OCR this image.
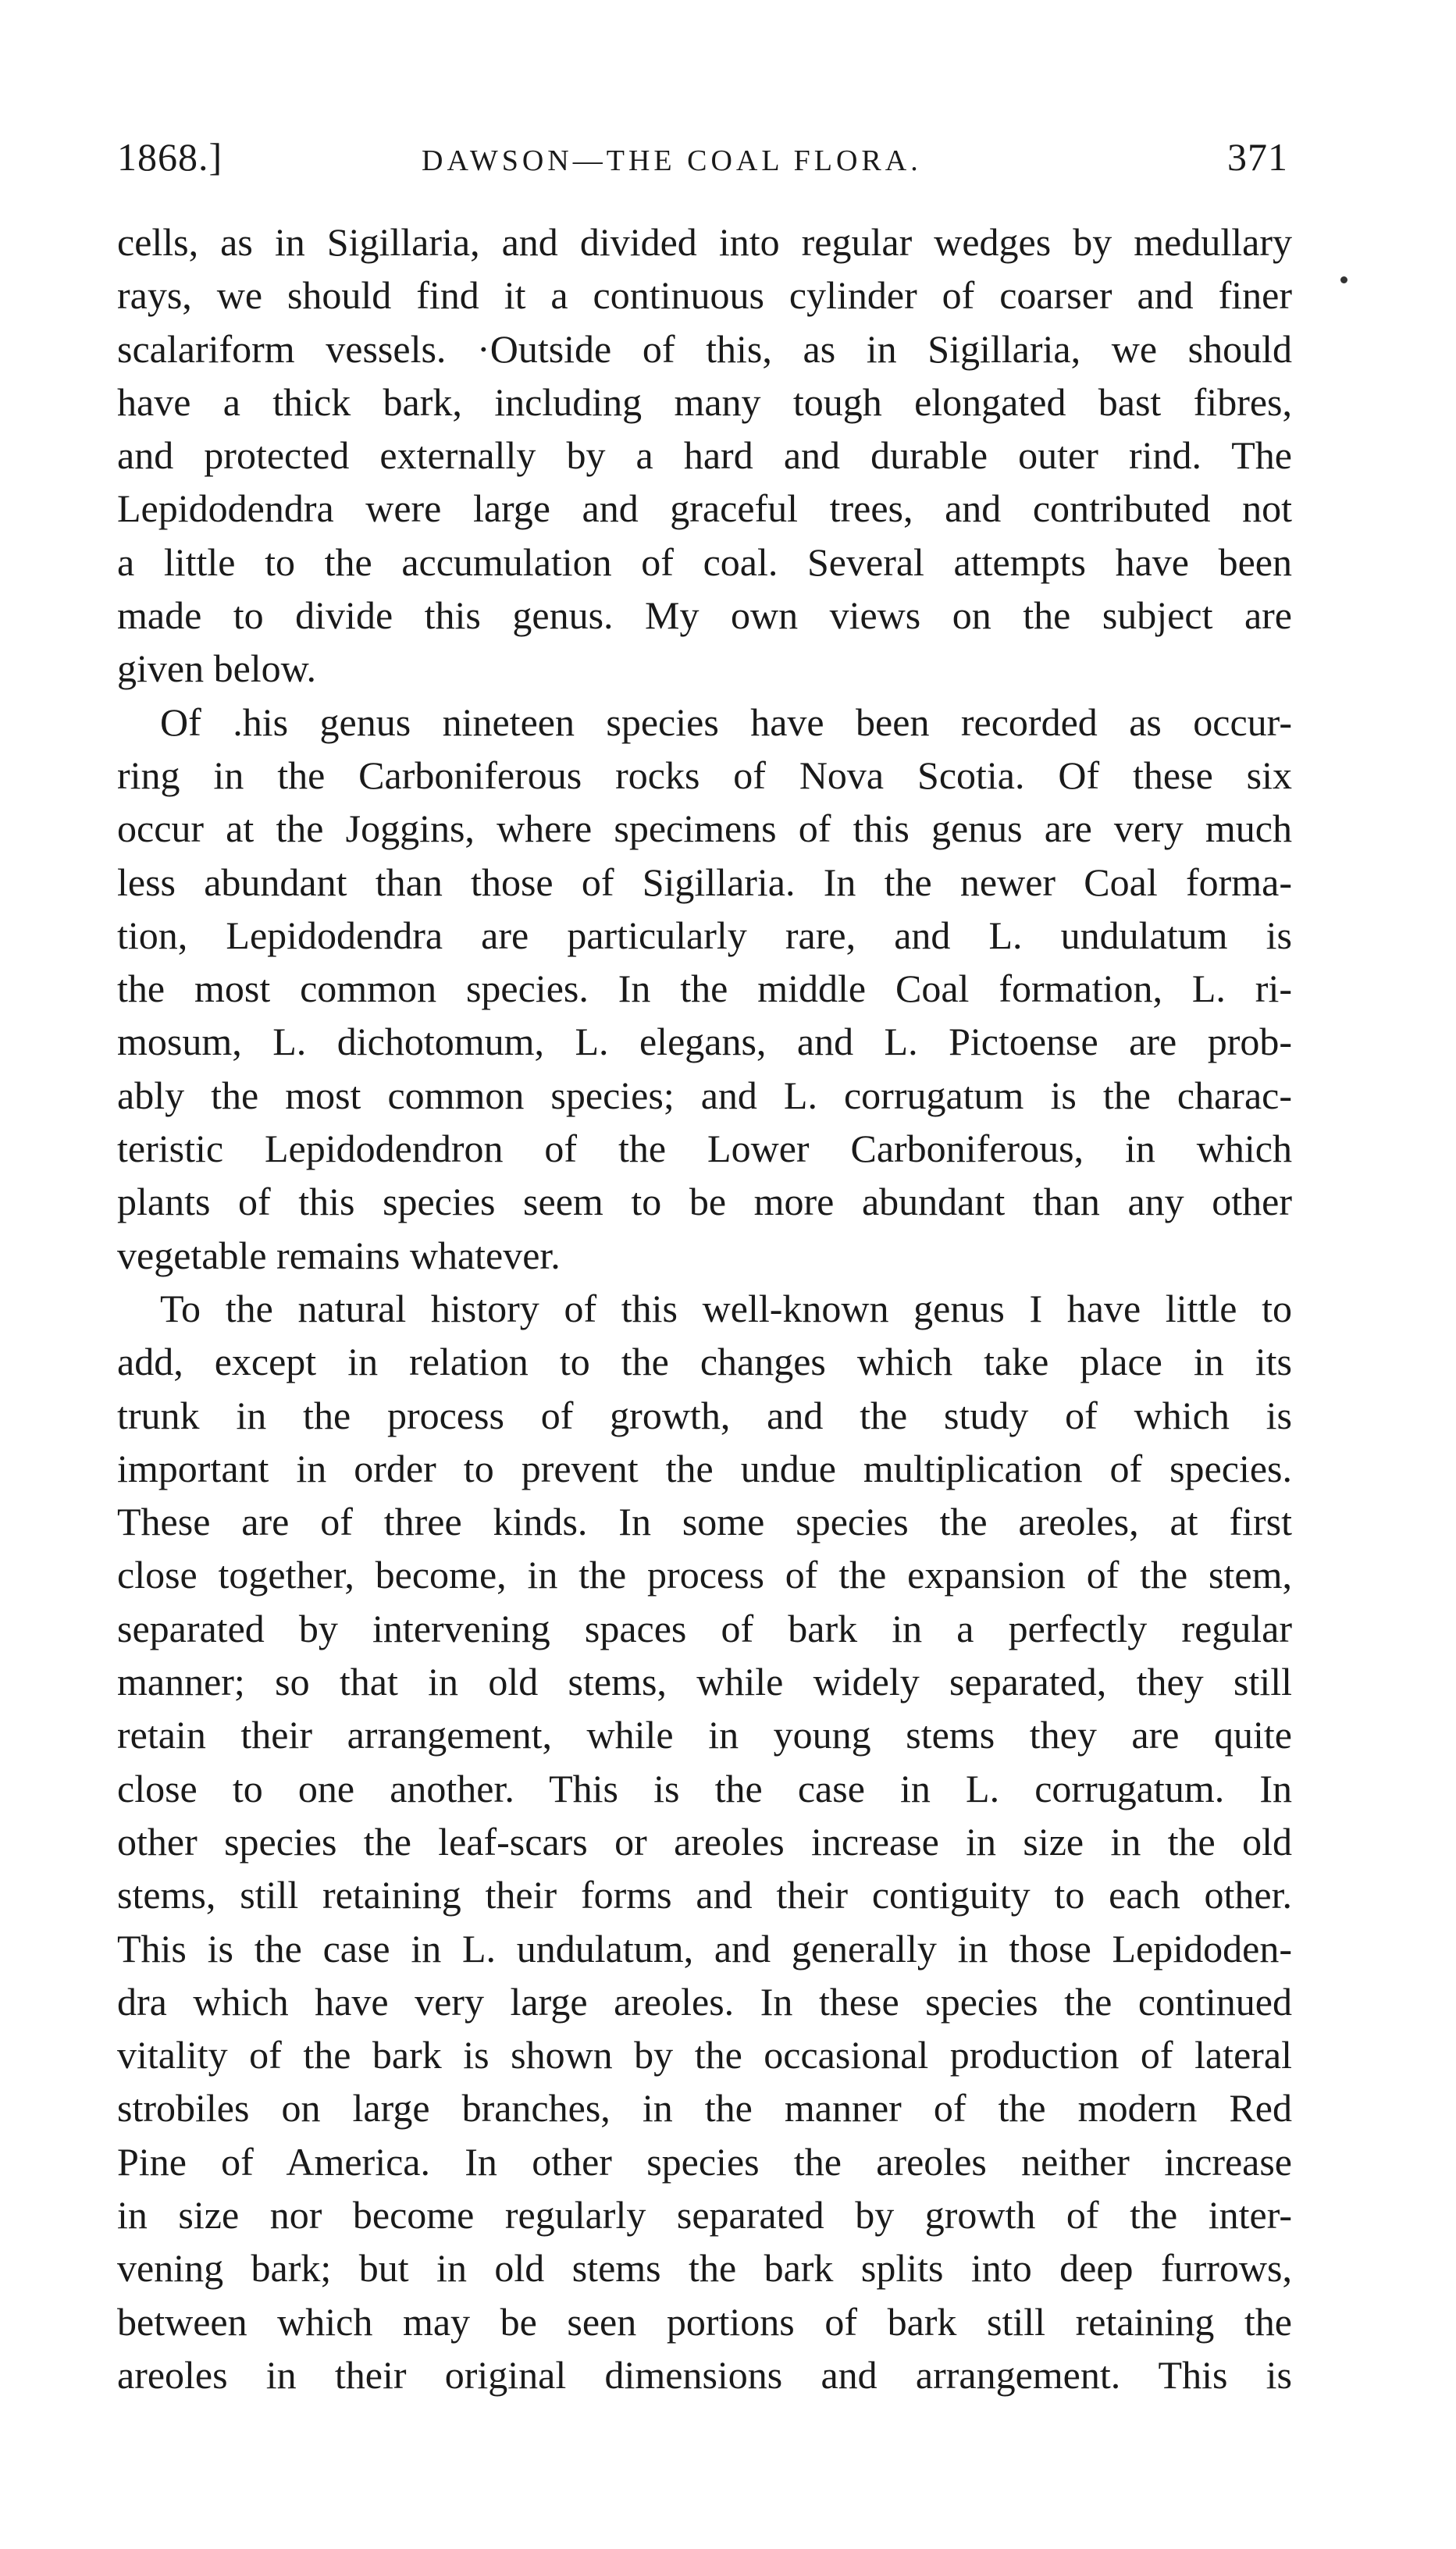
1868.]	DAWSON—THE COAL FLORA.	371
cells, as in Sigillaria, and divided into regular wedges by medullary
rays, we should find it a continuous cylinder of coarser and finer
scalariform vessels. ·Outside of this, as in Sigillaria, we should
have a thick bark, including many tough elongated bast fibres,
and protected externally by a hard and durable outer rind. The
Lepidodendra were large and graceful trees, and contributed not
a little to the accumulation of coal. Several attempts have been
made to divide this genus. My own views on the subject are
given below.
Of .his genus nineteen species have been recorded as occur-
ring in the Carboniferous rocks of Nova Scotia. Of these six
occur at the Joggins, where specimens of this genus are very much
less abundant than those of Sigillaria. In the newer Coal forma-
tion, Lepidodendra are particularly rare, and L. undulatum is
the most common species. In the middle Coal formation, L. ri-
mosum, L. dichotomum, L. elegans, and L. Pictoense are prob-
ably the most common species; and L. corrugatum is the charac-
teristic Lepidodendron of the Lower Carboniferous, in which
plants of this species seem to be more abundant than any other
vegetable remains whatever.
To the natural history of this well-known genus I have little to
add, except in relation to the changes which take place in its
trunk in the process of growth, and the study of which is
important in order to prevent the undue multiplication of species.
These are of three kinds. In some species the areoles, at first
close together, become, in the process of the expansion of the stem,
separated by intervening spaces of bark in a perfectly regular
manner; so that in old stems, while widely separated, they still
retain their arrangement, while in young stems they are quite
close to one another. This is the case in L. corrugatum. In
other species the leaf-scars or areoles increase in size in the old
stems, still retaining their forms and their contiguity to each other.
This is the case in L. undulatum, and generally in those Lepidoden-
dra which have very large areoles. In these species the continued
vitality of the bark is shown by the occasional production of lateral
strobiles on large branches, in the manner of the modern Red
Pine of America. In other species the areoles neither increase
in size nor become regularly separated by growth of the inter-
vening bark; but in old stems the bark splits into deep furrows,
between which may be seen portions of bark still retaining the
areoles in their original dimensions and arrangement. This is
